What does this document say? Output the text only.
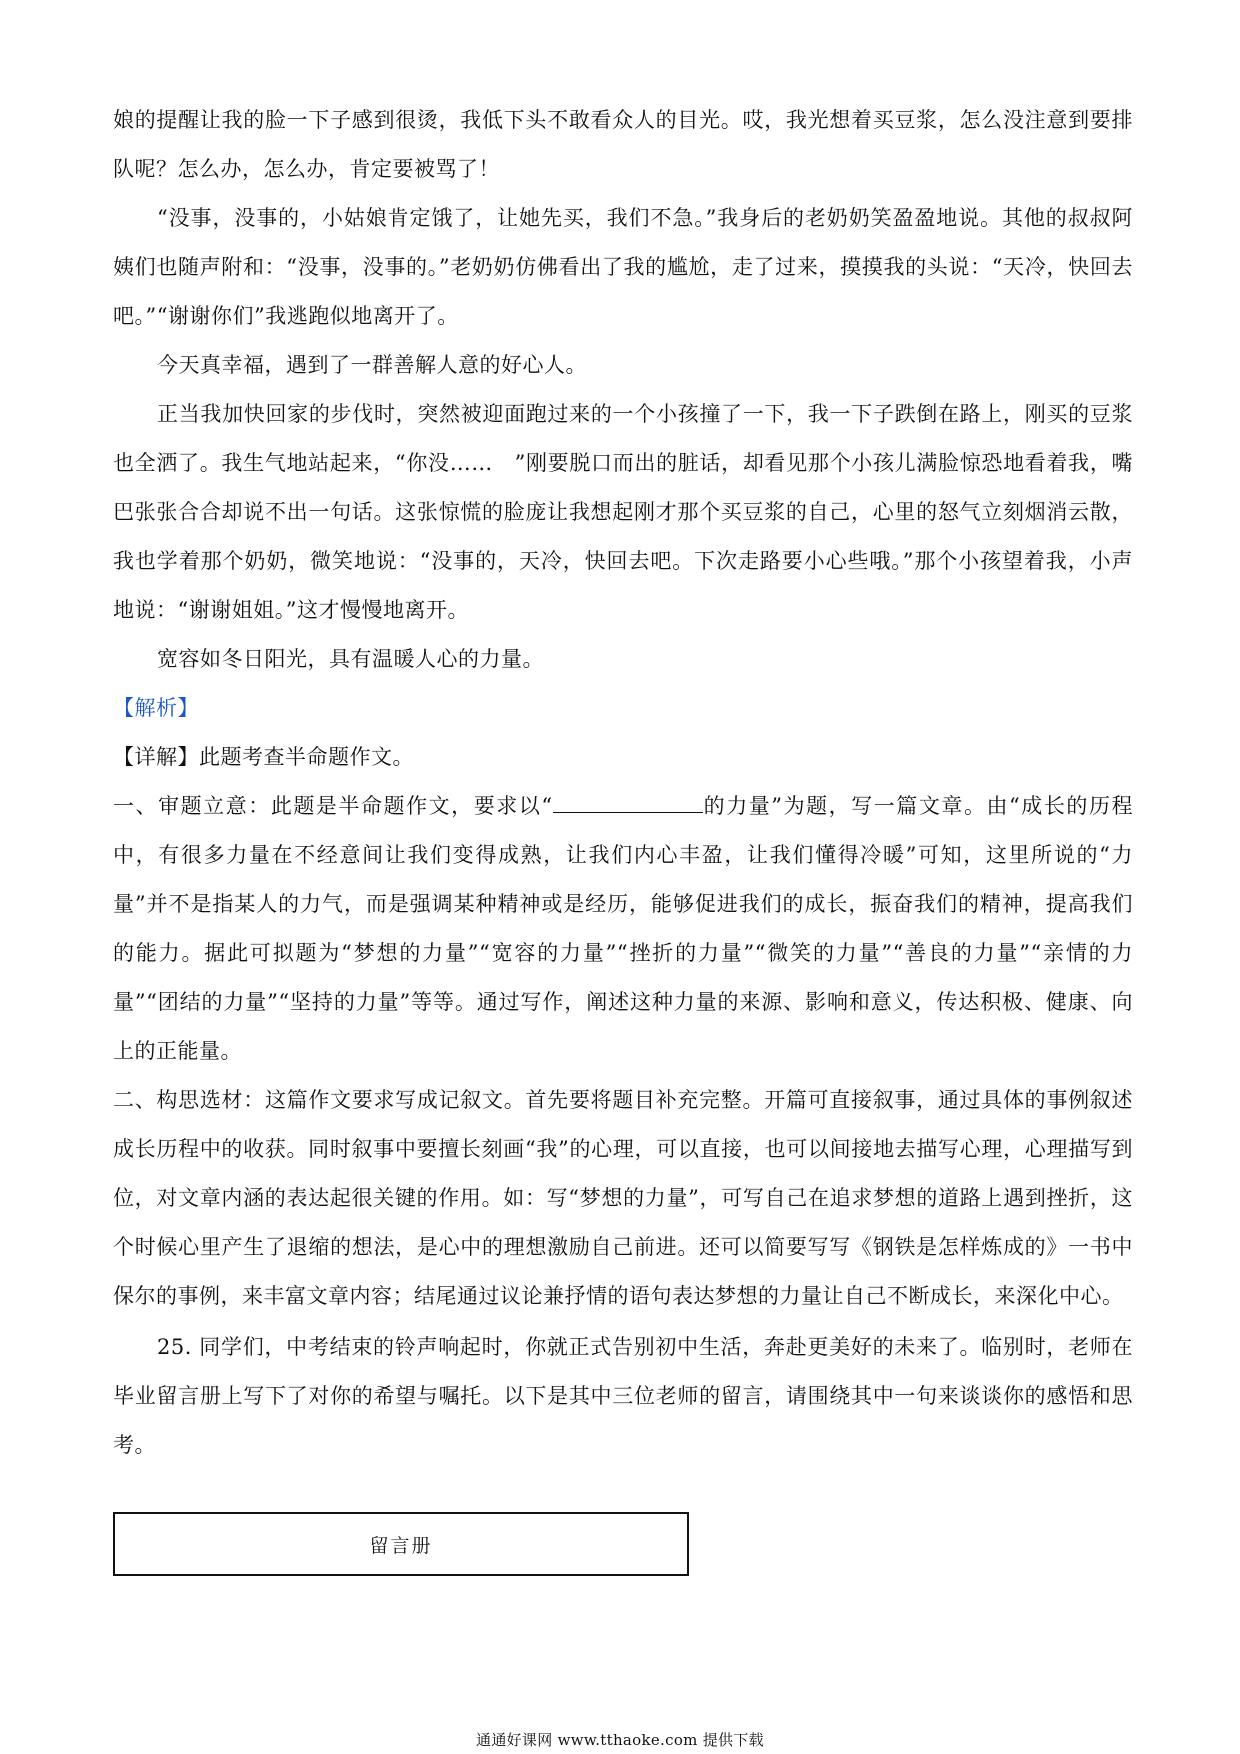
娘的提醒让我的脸一下子感到很烫，我低下头不敢看众人的目光。哎，我光想着买豆浆，怎么没注意到要排队呢？怎么办，怎么办，肯定要被骂了！

“没事，没事的，小姑娘肯定饿了，让她先买，我们不急。”我身后的老奶奶笑盈盈地说。其他的叔叔阿姨们也随声附和：“没事，没事的。”老奶奶仿佛看出了我的尴尬，走了过来，摸摸我的头说：“天冷，快回去吧。”“谢谢你们”我逃跑似地离开了。

今天真幸福，遇到了一群善解人意的好心人。

正当我加快回家的步伐时，突然被迎面跑过来的一个小孩撞了一下，我一下子跌倒在路上，刚买的豆浆也全洒了。我生气地站起来，“你没……　”刚要脱口而出的脏话，却看见那个小孩儿满脸惊恐地看着我，嘴巴张张合合却说不出一句话。这张惊慌的脸庞让我想起刚才那个买豆浆的自己，心里的怒气立刻烟消云散，我也学着那个奶奶，微笑地说：“没事的，天冷，快回去吧。下次走路要小心些哦。”那个小孩望着我，小声地说：“谢谢姐姐。”这才慢慢地离开。

宽容如冬日阳光，具有温暖人心的力量。

【解析】

【详解】此题考查半命题作文。

一、审题立意：此题是半命题作文，要求以“	的力量”为题，写一篇文章。由“成长的历程中，有很多力量在不经意间让我们变得成熟，让我们内心丰盈，让我们懂得冷暖”可知，这里所说的“力量”并不是指某人的力气，而是强调某种精神或是经历，能够促进我们的成长，振奋我们的精神，提高我们的能力。据此可拟题为“梦想的力量”“宽容的力量”“挫折的力量”“微笑的力量”“善良的力量”“亲情的力量”“团结的力量”“坚持的力量”等等。通过写作，阐述这种力量的来源、影响和意义，传达积极、健康、向上的正能量。

二、构思选材：这篇作文要求写成记叙文。首先要将题目补充完整。开篇可直接叙事，通过具体的事例叙述成长历程中的收获。同时叙事中要擅长刻画“我”的心理，可以直接，也可以间接地去描写心理，心理描写到位，对文章内涵的表达起很关键的作用。如：写“梦想的力量”，可写自己在追求梦想的道路上遇到挫折，这个时候心里产生了退缩的想法，是心中的理想激励自己前进。还可以简要写写《钢铁是怎样炼成的》一书中保尔的事例，来丰富文章内容；结尾通过议论兼抒情的语句表达梦想的力量让自己不断成长，来深化中心。

25. 同学们，中考结束的铃声响起时，你就正式告别初中生活，奔赴更美好的未来了。临别时，老师在毕业留言册上写下了对你的希望与嘱托。以下是其中三位老师的留言，请围绕其中一句来谈谈你的感悟和思考。

留言册
通通好课网 www.tthaoke.com 提供下载
